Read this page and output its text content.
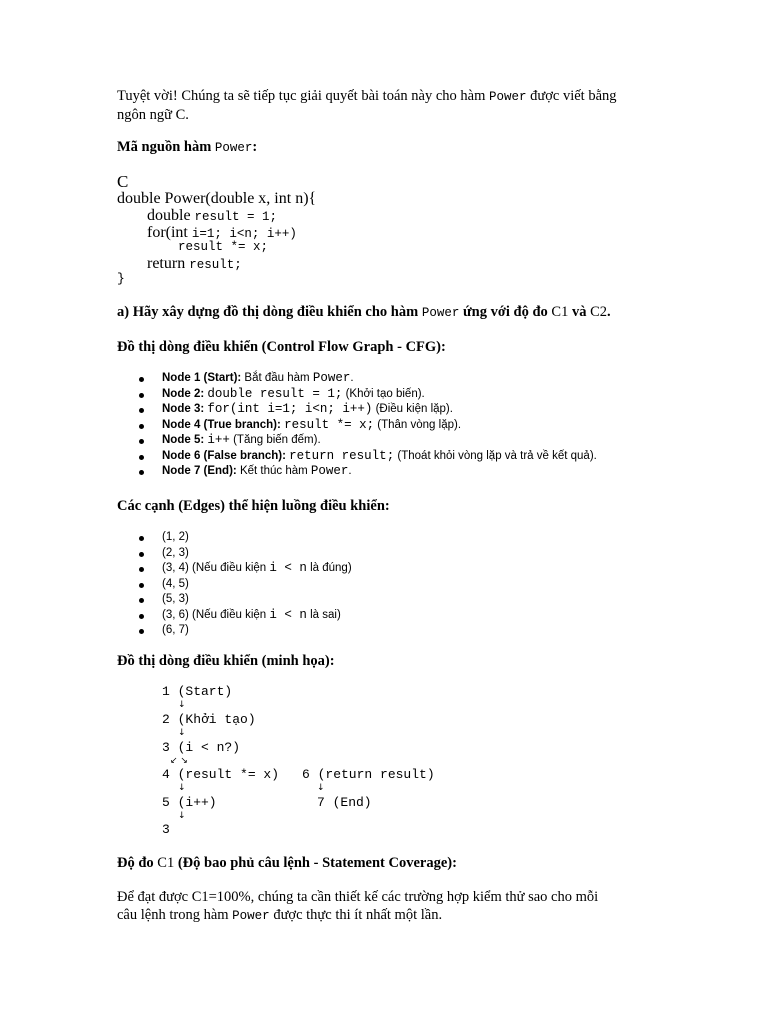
Tuyệt vời! Chúng ta sẽ tiếp tục giải quyết bài toán này cho hàm Power được viết bằng
ngôn ngữ C.
Mã nguồn hàm Power:
C
double Power(double x, int n){
double result = 1;
for(int i=1; i<n; i++)
result *= x;
return result;
}
a) Hãy xây dựng đồ thị dòng điều khiển cho hàm Power ứng với độ đo C1 và C2.
Đồ thị dòng điều khiển (Control Flow Graph - CFG):
Node 1 (Start): Bắt đầu hàm Power.
Node 2: double result = 1; (Khởi tạo biến).
Node 3: for(int i=1; i<n; i++) (Điều kiện lặp).
Node 4 (True branch): result *= x; (Thân vòng lặp).
Node 5: i++ (Tăng biến đếm).
Node 6 (False branch): return result; (Thoát khỏi vòng lặp và trả về kết quả).
Node 7 (End): Kết thúc hàm Power.
Các cạnh (Edges) thể hiện luồng điều khiển:
(1, 2)
(2, 3)
(3, 4) (Nếu điều kiện i < n là đúng)
(4, 5)
(5, 3)
(3, 6) (Nếu điều kiện i < n là sai)
(6, 7)
Đồ thị dòng điều khiển (minh họa):
1 (Start)
↓
2 (Khởi tạo)
↓
3 (i < n?)
↙ ↘
4 (result *= x) 6 (return result)
↓	↓
5 (i++)	7 (End)
↓
3
Độ đo C1 (Độ bao phủ câu lệnh - Statement Coverage):
Để đạt được C1=100%, chúng ta cần thiết kế các trường hợp kiểm thử sao cho mỗi
câu lệnh trong hàm Power được thực thi ít nhất một lần.
